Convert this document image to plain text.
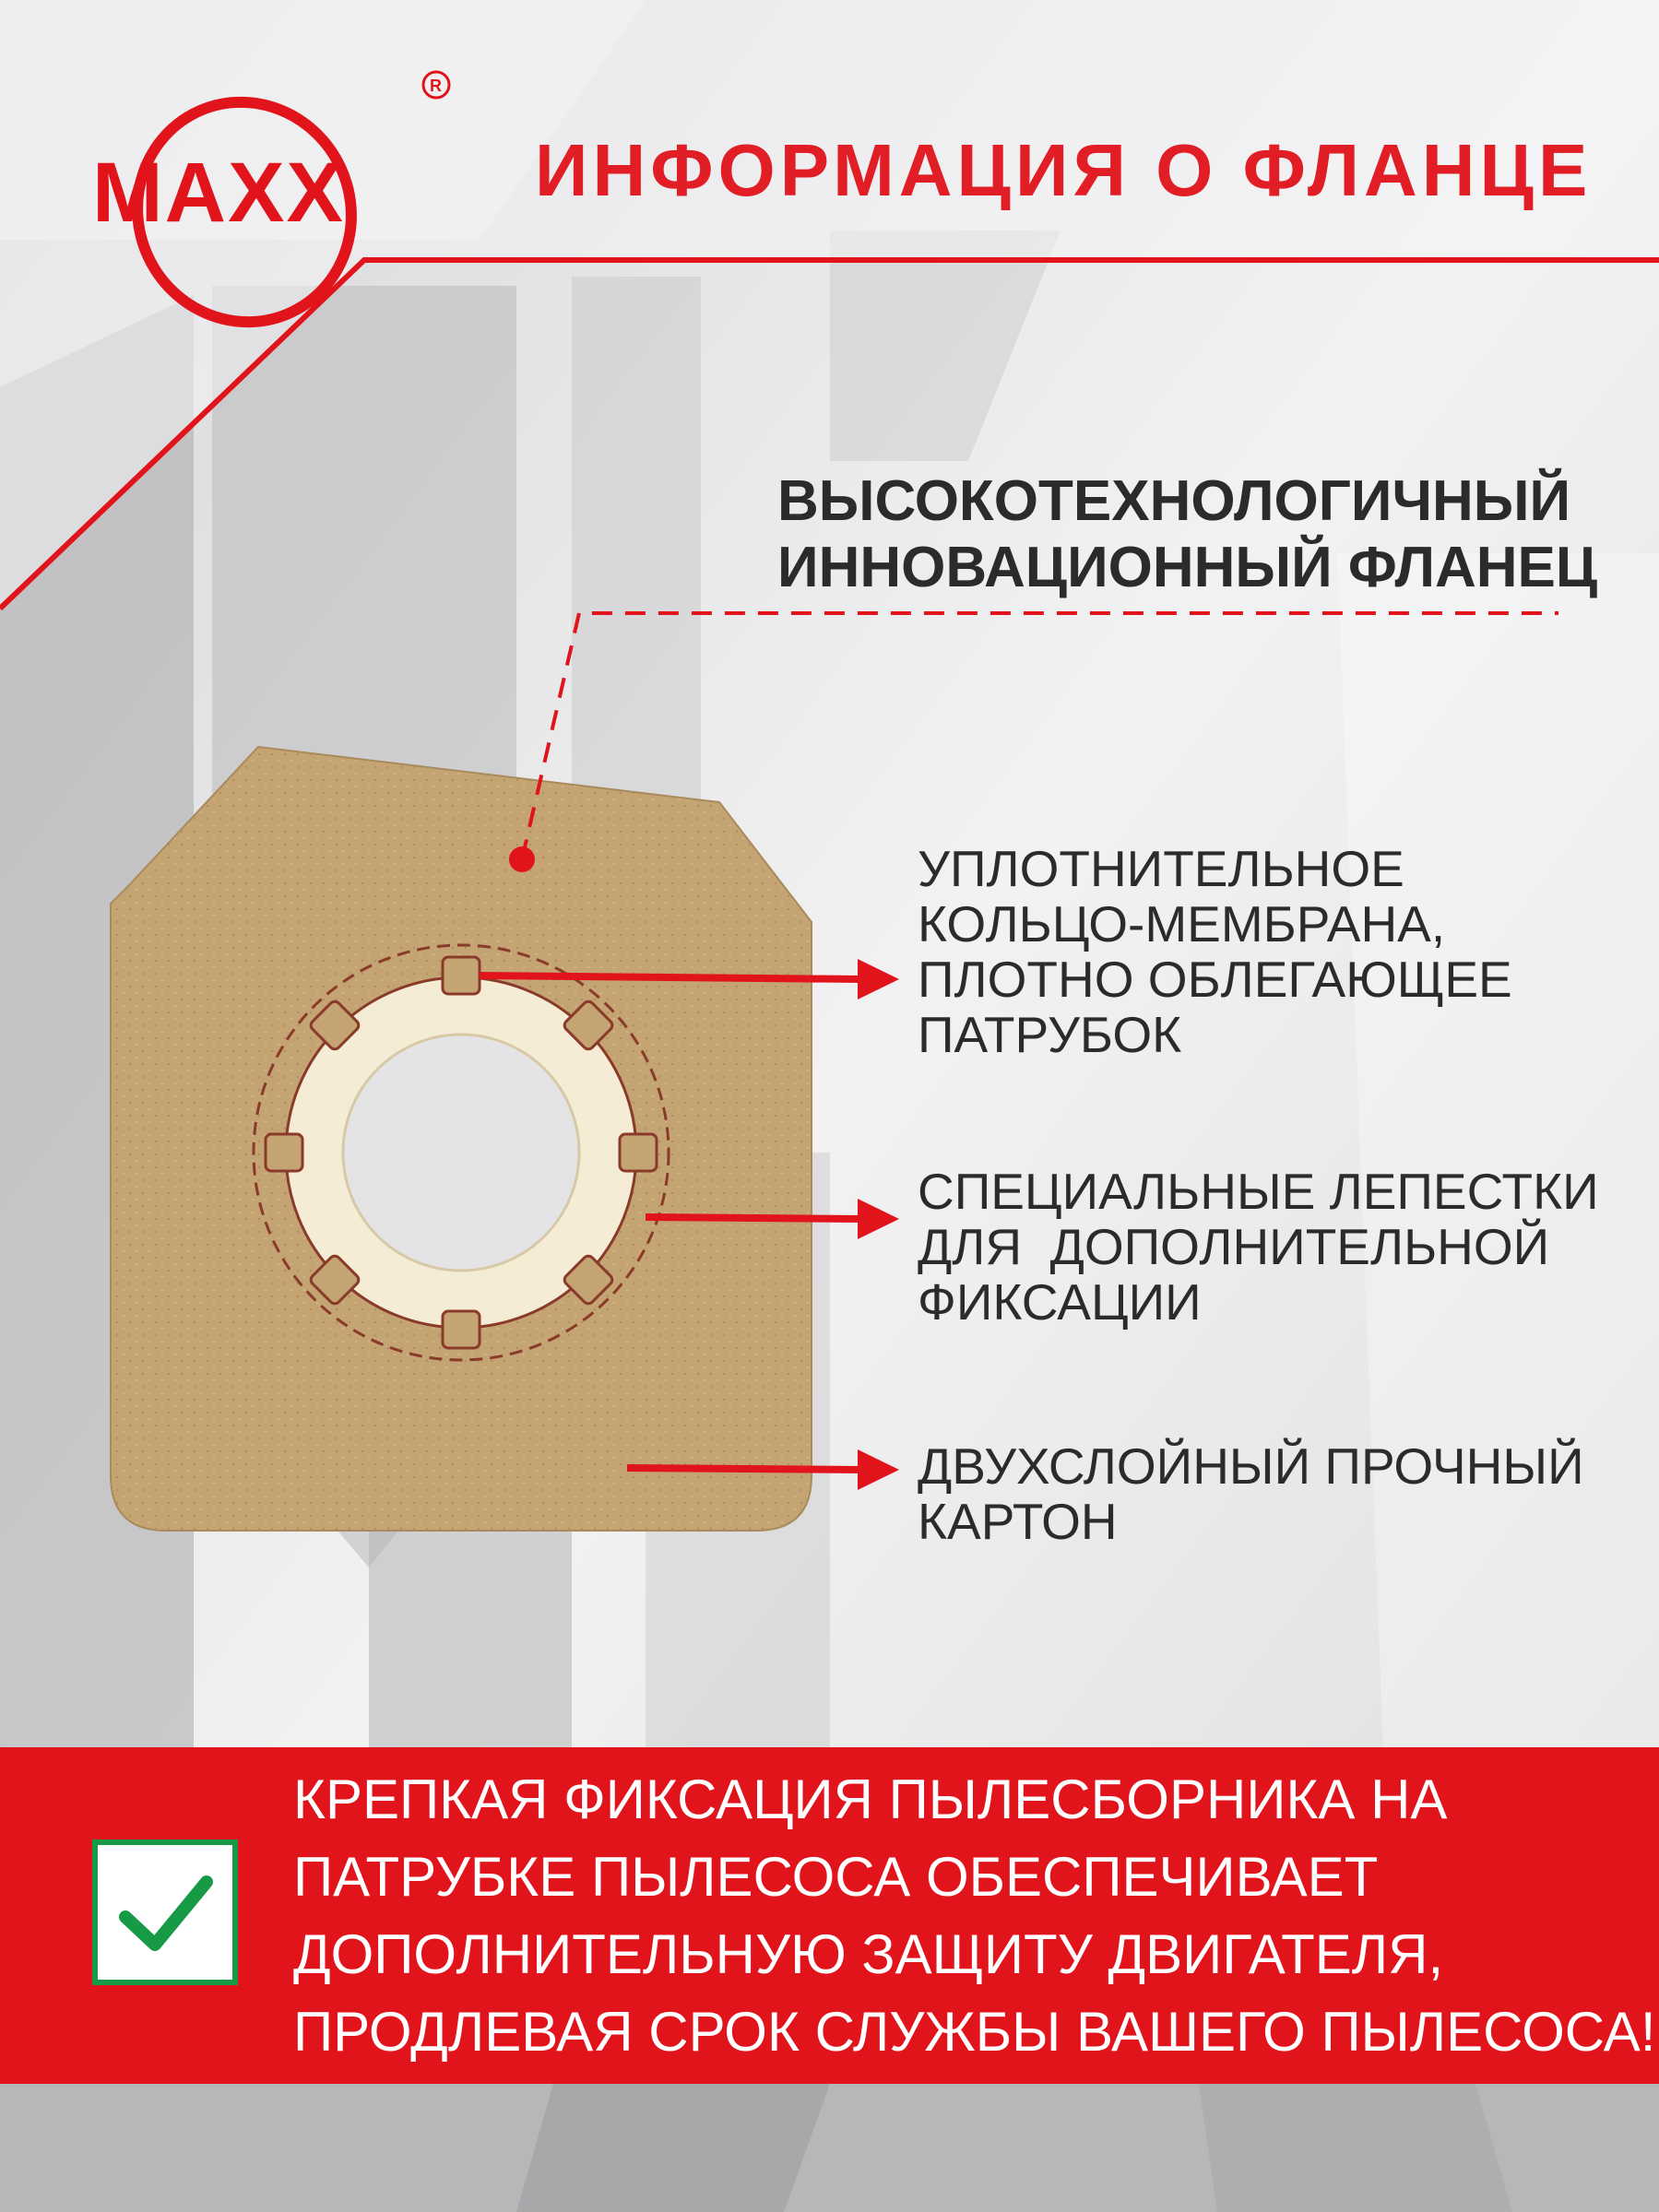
MAXX
R
ИНФОРМАЦИЯ О ФЛАНЦЕ
ВЫСОКОТЕХНОЛОГИЧНЫЙ
ИННОВАЦИОННЫЙ ФЛАНЕЦ
УПЛОТНИТЕЛЬНОЕ
КОЛЬЦО-МЕМБРАНА,
ПЛОТНО ОБЛЕГАЮЩЕЕ
ПАТРУБОК
СПЕЦИАЛЬНЫЕ ЛЕПЕСТКИ
ДЛЯ  ДОПОЛНИТЕЛЬНОЙ
ФИКСАЦИИ
ДВУХСЛОЙНЫЙ ПРОЧНЫЙ
КАРТОН
КРЕПКАЯ ФИКСАЦИЯ ПЫЛЕСБОРНИКА НА
ПАТРУБКЕ ПЫЛЕСОСА ОБЕСПЕЧИВАЕТ
ДОПОЛНИТЕЛЬНУЮ ЗАЩИТУ ДВИГАТЕЛЯ,
ПРОДЛЕВАЯ СРОК СЛУЖБЫ ВАШЕГО ПЫЛЕСОСА!
